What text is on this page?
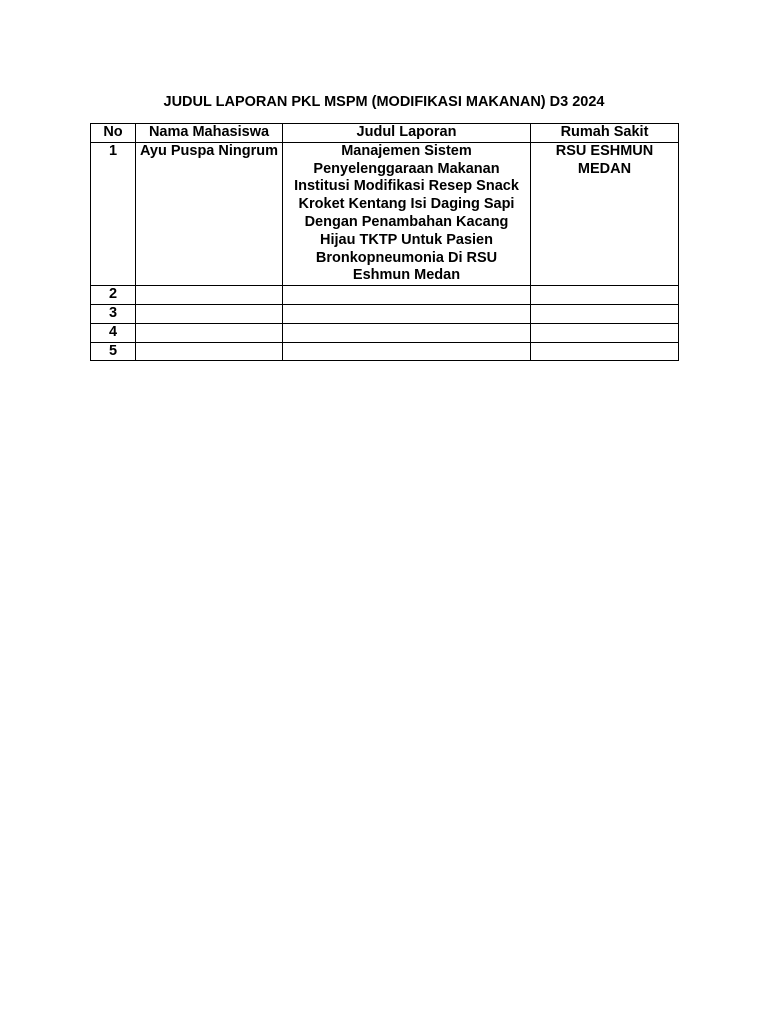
JUDUL LAPORAN PKL MSPM (MODIFIKASI MAKANAN) D3 2024
No	Nama Mahasiswa	Judul Laporan	Rumah Sakit
1	Ayu Puspa Ningrum	Manajemen Sistem Penyelenggaraan Makanan Institusi Modifikasi Resep Snack Kroket Kentang Isi Daging Sapi Dengan Penambahan Kacang Hijau TKTP Untuk Pasien Bronkopneumonia Di RSU Eshmun Medan	RSU ESHMUN MEDAN
2			
3			
4			
5			
